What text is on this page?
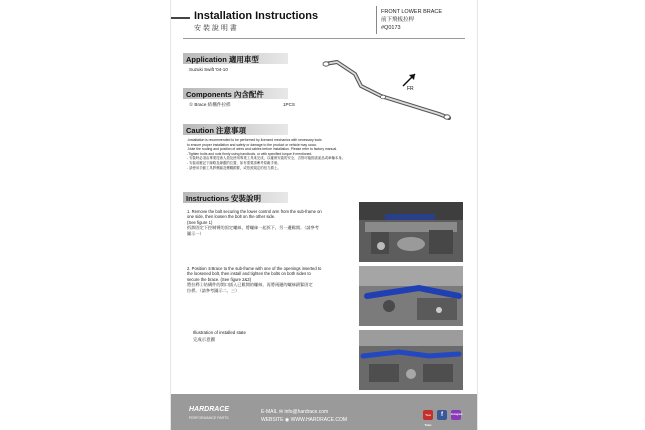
Installation Instructions
安 裝 說 明 書
FRONT LOWER BRACE
前下飛板拉桿
#Q0173
Application 適用車型
Suzuki Swift '04-10
FR
Components 內含配件
① Brace 結構件拉桿	1PCS
Caution 注意事項
-Installation is recommended to be performed by licensed mechanics with necessary tools
to ensure proper installation and safety or damage to the product or vehicle may occur.
-Note the routing and position of wires and cables before installation. Please refer to factory manual.
-Tighten bolts and nuts firmly using handtools, or with specified torque if mentioned.
- 安裝時必須由專業技術人員及使用專業工具來完成，以確保安裝的安全，否則可能損害產品或車輛本身。
- 安裝前應記下線路及線纜的位置，如有需要請參考原廠手冊。
- 請使用手動工具將螺絲及螺帽鎖緊，或依照規定的扭力鎖上。
Instructions 安裝說明
1. Remove the bolt securing the lower control arm from the sub-frame on
one side, then loosen the bolt on the other side.
(See figure 1)
拆卸固定下控制臂的固定螺絲，將螺絲一起拆下，另一邊鬆開。（請參考
圖示一）
2. Position ①Brace to the sub-frame with one of the openings inserted to
the loosened bolt, then install and tighten the bolts on both sides to
secure the brace. (See figure 2&3)
將拉桿①結構件的開口插入已鬆開的螺絲，再將兩邊的螺絲鎖緊固定
拉桿。（請參考圖示二、三）
Illustration of installed state
完成示意圖
HARDRACE
PERFORMANCE PARTS
E-MAIL ✉ info@hardrace.com
WEBSITE ◉ WWW.HARDRACE.COM
You Tube
f	Instagram
